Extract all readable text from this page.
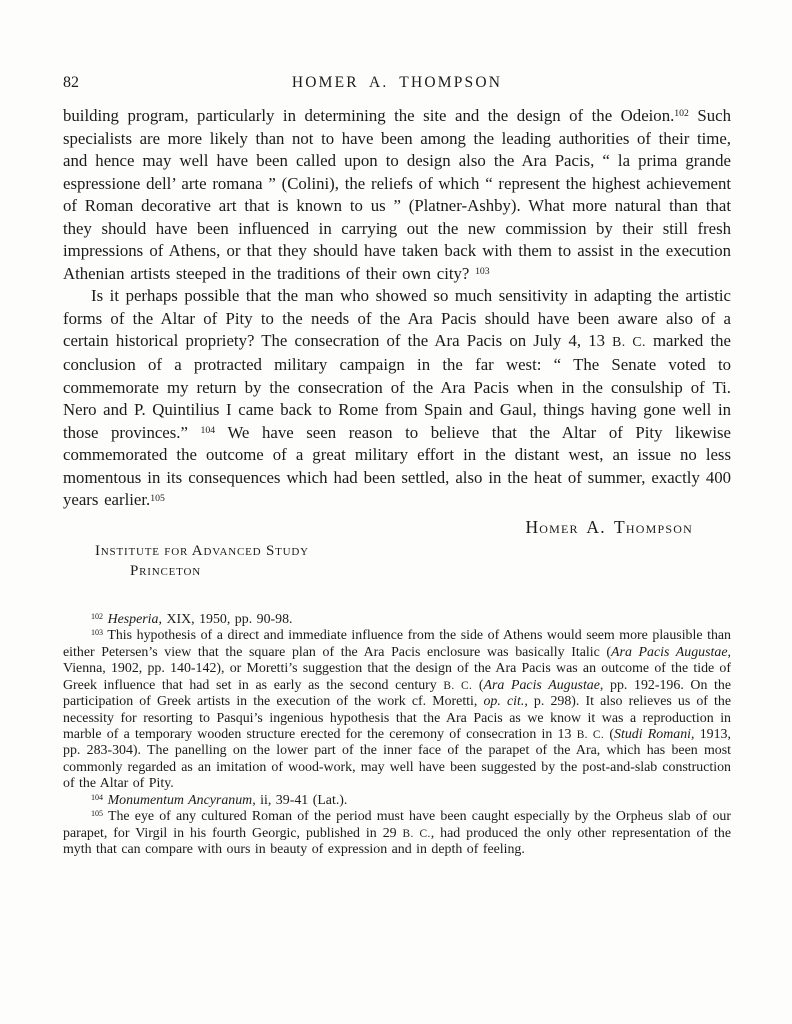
82	HOMER A. THOMPSON

building program, particularly in determining the site and the design of the Odeion.$^{102}$ Such specialists are more likely than not to have been among the leading authorities of their time, and hence may well have been called upon to design also the Ara Pacis, “ la prima grande espressione dell’ arte romana ” (Colini), the reliefs of which “ represent the highest achievement of Roman decorative art that is known to us ” (Platner-Ashby). What more natural than that they should have been influenced in carrying out the new commission by their still fresh impressions of Athens, or that they should have taken back with them to assist in the execution Athenian artists steeped in the traditions of their own city? $^{103}$

Is it perhaps possible that the man who showed so much sensitivity in adapting the artistic forms of the Altar of Pity to the needs of the Ara Pacis should have been aware also of a certain historical propriety? The consecration of the Ara Pacis on July 4, 13 B. C. marked the conclusion of a protracted military campaign in the far west: “ The Senate voted to commemorate my return by the consecration of the Ara Pacis when in the consulship of Ti. Nero and P. Quintilius I came back to Rome from Spain and Gaul, things having gone well in those provinces.” $^{104}$ We have seen reason to believe that the Altar of Pity likewise commemorated the outcome of a great military effort in the distant west, an issue no less momentous in its consequences which had been settled, also in the heat of summer, exactly 400 years earlier.$^{105}$

Homer A. Thompson
Institute for Advanced Study
Princeton

$^{102}$ Hesperia, XIX, 1950, pp. 90-98.

$^{103}$ This hypothesis of a direct and immediate influence from the side of Athens would seem more plausible than either Petersen’s view that the square plan of the Ara Pacis enclosure was basically Italic (Ara Pacis Augustae, Vienna, 1902, pp. 140-142), or Moretti’s suggestion that the design of the Ara Pacis was an outcome of the tide of Greek influence that had set in as early as the second century B. C. (Ara Pacis Augustae, pp. 192-196. On the participation of Greek artists in the execution of the work cf. Moretti, op. cit., p. 298). It also relieves us of the necessity for resorting to Pasqui’s ingenious hypothesis that the Ara Pacis as we know it was a reproduction in marble of a temporary wooden structure erected for the ceremony of consecration in 13 B. C. (Studi Romani, 1913, pp. 283-304). The panelling on the lower part of the inner face of the parapet of the Ara, which has been most commonly regarded as an imitation of wood-work, may well have been suggested by the post-and-slab construction of the Altar of Pity.

$^{104}$ Monumentum Ancyranum, ii, 39-41 (Lat.).

$^{105}$ The eye of any cultured Roman of the period must have been caught especially by the Orpheus slab of our parapet, for Virgil in his fourth Georgic, published in 29 B. C., had produced the only other representation of the myth that can compare with ours in beauty of expression and in depth of feeling.
